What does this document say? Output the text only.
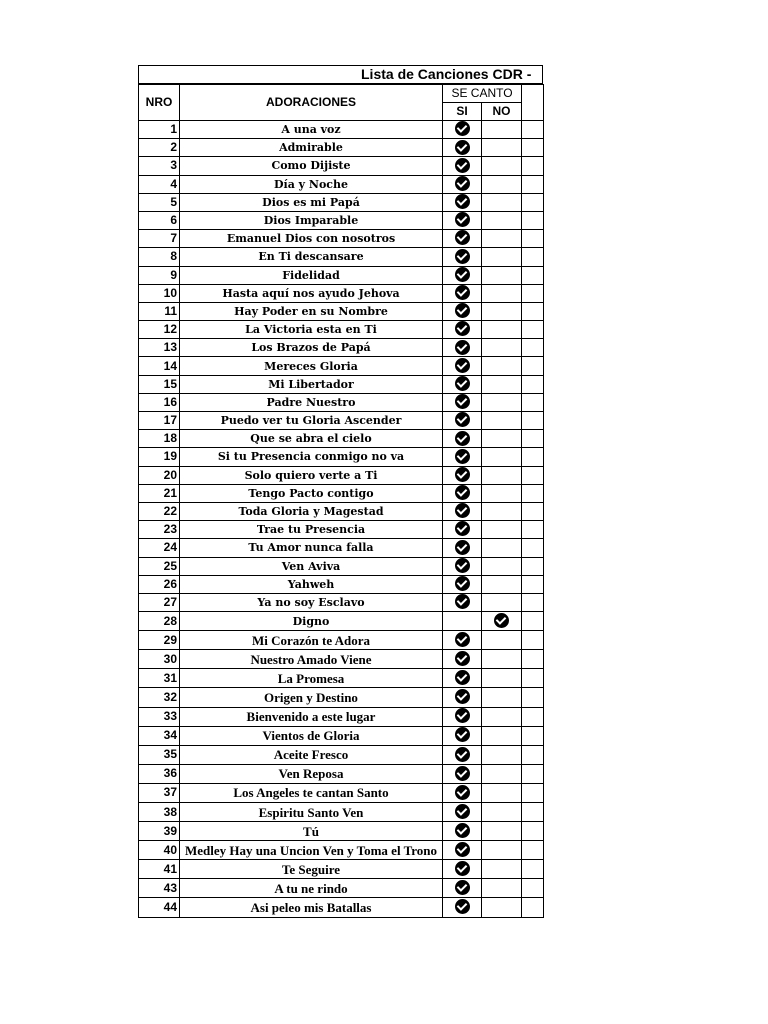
Lista de Canciones CDR -
NRO	ADORACIONES	SE CANTO		
		SI	NO	
1	A una voz			
2	Admirable			
3	Como Dijiste			
4	Día y Noche			
5	Dios es mi Papá			
6	Dios Imparable			
7	Emanuel Dios con nosotros			
8	En Ti descansare			
9	Fidelidad			
10	Hasta aquí nos ayudo Jehova			
11	Hay Poder en su Nombre			
12	La Victoria esta en Ti			
13	Los Brazos de Papá			
14	Mereces Gloria			
15	Mi Libertador			
16	Padre Nuestro			
17	Puedo ver tu Gloria Ascender			
18	Que se abra el cielo			
19	Si tu Presencia conmigo no va			
20	Solo quiero verte a Ti			
21	Tengo Pacto contigo			
22	Toda Gloria y Magestad			
23	Trae tu Presencia			
24	Tu Amor nunca falla			
25	Ven Aviva			
26	Yahweh			
27	Ya no soy Esclavo			
28	Digno			
29	Mi Corazón te Adora			
30	Nuestro Amado Viene			
31	La Promesa			
32	Origen y Destino			
33	Bienvenido a este lugar			
34	Vientos de Gloria			
35	Aceite Fresco			
36	Ven Reposa			
37	Los Angeles te cantan Santo			
38	Espiritu Santo Ven			
39	Tú			
40	Medley Hay una Uncion Ven y Toma el Trono			
41	Te Seguire			
43	A tu ne rindo			
44	Asi peleo mis Batallas			
